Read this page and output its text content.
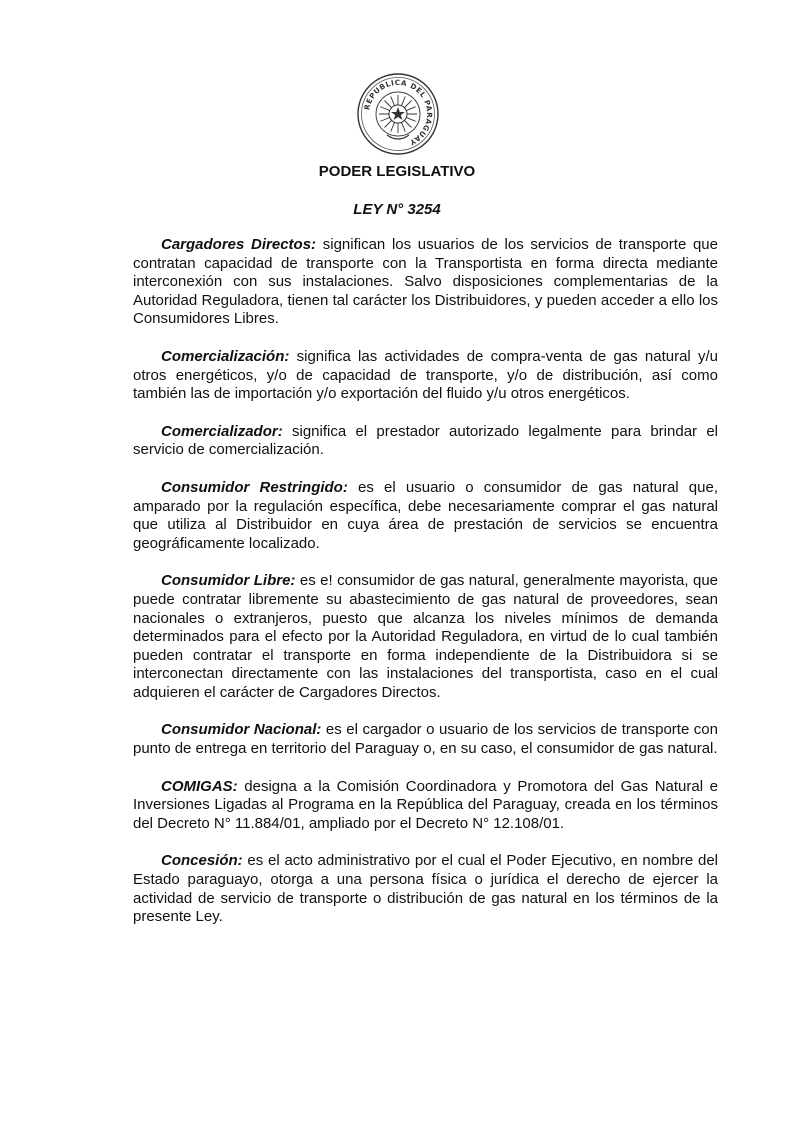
REPUBLICA DEL PARAGUAY
PODER LEGISLATIVO
LEY N° 3254

Cargadores Directos: significan los usuarios de los servicios de transporte que contratan capacidad de transporte con la Transportista en forma directa mediante interconexión con sus instalaciones. Salvo disposiciones complementarias de la Autoridad Reguladora, tienen tal carácter los Distribuidores, y pueden acceder a ello los Consumidores Libres.

Comercialización: significa las actividades de compra-venta de gas natural y/u otros energéticos, y/o de capacidad de transporte, y/o de distribución, así como también las de importación y/o exportación del fluido y/u otros energéticos.

Comercializador: significa el prestador autorizado legalmente para brindar el servicio de comercialización.

Consumidor Restringido: es el usuario o consumidor de gas natural que, amparado por la regulación específica, debe necesariamente comprar el gas natural que utiliza al Distribuidor en cuya área de prestación de servicios se encuentra geográficamente localizado.

Consumidor Libre: es e! consumidor de gas natural, generalmente mayorista, que puede contratar libremente su abastecimiento de gas natural de proveedores, sean nacionales o extranjeros, puesto que alcanza los niveles mínimos de demanda determinados para el efecto por la Autoridad Reguladora, en virtud de lo cual también pueden contratar el transporte en forma independiente de la Distribuidora si se interconectan directamente con las instalaciones del transportista, caso en el cual adquieren el carácter de Cargadores Directos.

Consumidor Nacional: es el cargador o usuario de los servicios de transporte con punto de entrega en territorio del Paraguay o, en su caso, el consumidor de gas natural.

COMIGAS: designa a la Comisión Coordinadora y Promotora del Gas Natural e Inversiones Ligadas al Programa en la República del Paraguay, creada en los términos del Decreto N° 11.884/01, ampliado por el Decreto N° 12.108/01.

Concesión: es el acto administrativo por el cual el Poder Ejecutivo, en nombre del Estado paraguayo, otorga a una persona física o jurídica el derecho de ejercer la actividad de servicio de transporte o distribución de gas natural en los términos de la presente Ley.
